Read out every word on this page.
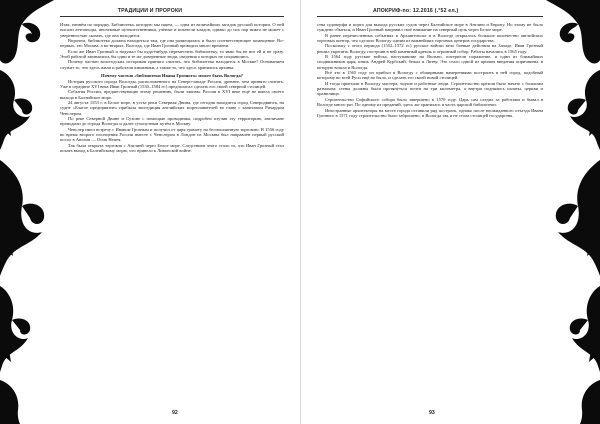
ТРАДИЦИИ И ПРОРОКИ

Итак, начнём по порядку. Библиотека, которую мы ищем, — одна из величайших загадок русской истории. О ней писали летописцы, иноземные путешественники, учёные и искатели кладов, однако до сих пор никто не может с уверенностью сказать, где она находится.

Впрочем, библиотека должна находиться там, где она размещалась и было соответствующее помещение. Во-первых, это Москва, а во-вторых, Вологда, где Иван Грозный проводил много времени.

Если же Иван Грозный и надумал бы куда-нибудь переместить библиотеку, то явно бы не все ей и не сразу. Этой работой занимались бы одни и те же доверенные люди, сведения о которых не сохранились.

Почему частью вологодских историков принято считать, что библиотека находится в Москве? Основанием служит то, что здесь жили и работали книжники, а также то, что здесь хранились архивы.

Почему частью «библиотеки Ивана Грозного» может быть Вологда?

История русского города Вологды, расположенного на Северо-западе России, древнее, чем принято считать. Уже в середине XVI века Иван Грозный (1530–1584 гг.) предполагал сделать его своей северной столицей.

События России, предшествующие этому решению, были таковы. Россия в XVI веке ещё не имела своего выхода в Балтийское море.

24 августа 1553 г. в Белое море, в устье реки Северная Двина, где сегодня находится город Северодвинск, на судне «Благое предприятие» прибыла экспедиция английских мореплавателей во главе с капитаном Ричардом Ченслером.

По реке Северной Двине и Сухоне с помощью проводника, подробно изучив эту территорию, англичане проводили до города Вологды и далее сухопутным путём в Москву.

Ченслер имел встречу с Иваном Грозным и получил от царя грамоту на беспошлинную торговлю. В 1556 году во время второго посещения России вместе с Ченслером в Лондон из Москвы был направлен первый русский посол в Англии — Осип Непея.

Так была открыта торговля с Англией через Белое море. Следствием этого стало то, что Иван Грозный стал искать выход к Балтийскому морю, что привело к Ливонской войне.

92
АПОКРИФ-no: 12.2016 (.°52 ел.)

ства судоверфи и порта для выхода русских судов через Балтийское море в Англию и Европу. Но этому не было суждено сбыться, и Иван Грозный направил своё внимание на северный путь через Белое море.

В ранее перечисленных событиях в Архангельске и в Вологде открылось большое количество английских торговых контор, что сделало Вологду одним из важнейших торговых центров государства.

Поскольку с этого периода (1552–1572 гг.) русское войско вело боевые действия на Западе, Иван Грозный решил укрепить Вологду, построив в ней каменный кремль и огромный собор. Работы начались в 1565 году.

В 1564 году русские войска, наступавшие на Вильно, потерпели поражение, и один из ближайших сподвижников царя, князь Андрей Курбский, бежал в Литву. Это стало одной из причин введения опричнины, в которую вошла и Вологда.

Всё это в 1565 году он прибыл в Вологду с обширными намерениями построить в ней город, подобный которому во всей Руси ещё не было, и сделать его своей новой столицей.

И тогда приехали в Вологду мастера, зодчие и работные люди. Строительство кремля было начато с большим размахом: стены должны были протянуться почти на три километра, а внутри поднялись палаты, церкви и хранилища.

Строительство Софийского собора было завершено к 1570 году. Царь сам следил за работами и бывал в Вологде много раз. По одному из преданий, здесь же хранилась и часть царской библиотеки.

Иностранные архитекторы на месте города оставили ряд построек, однако после неожиданного отъезда Ивана Грозного в 1571 году строительство было заброшено, и Вологда так и не стала столицей государства.

93
